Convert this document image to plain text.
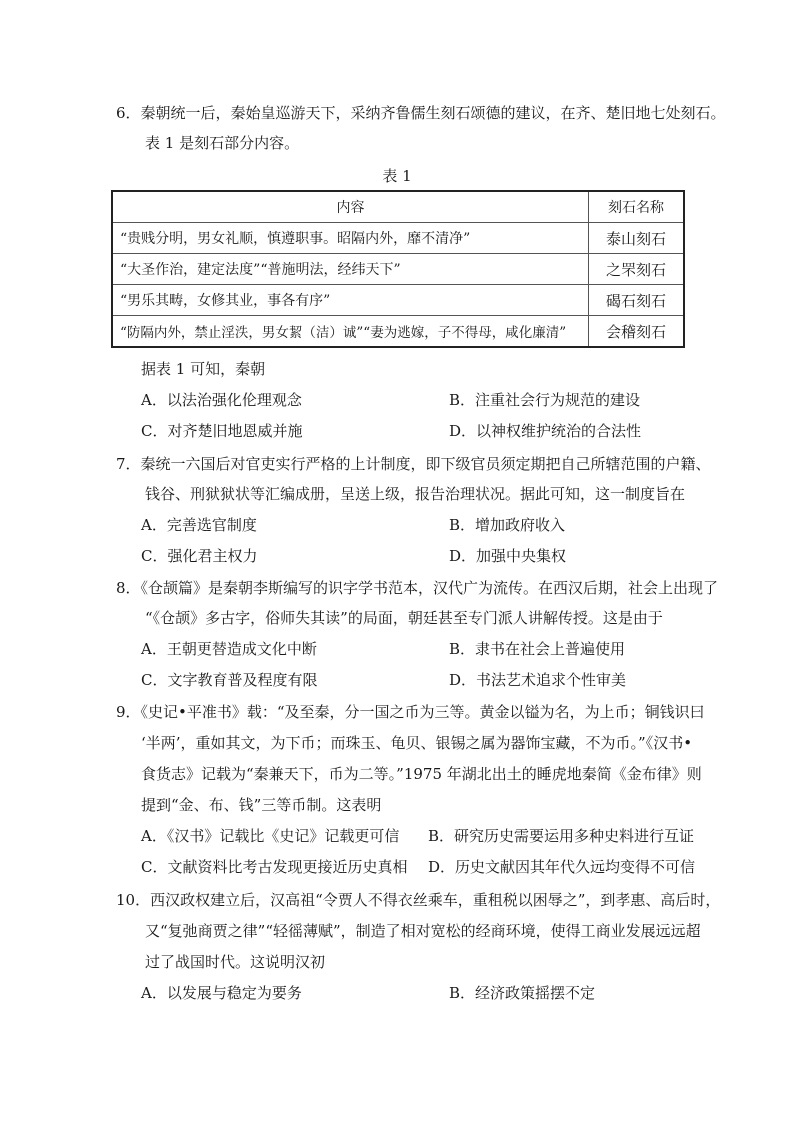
6．秦朝统一后，秦始皇巡游天下，采纳齐鲁儒生刻石颂德的建议，在齐、楚旧地七处刻石。
表 1 是刻石部分内容。
表 1
内容	刻石名称
“贵贱分明，男女礼顺，慎遵职事。昭隔内外，靡不清净”	泰山刻石
“大圣作治，建定法度”“普施明法，经纬天下”	之罘刻石
“男乐其畴，女修其业，事各有序”	碣石刻石
“防隔内外，禁止淫泆，男女絜（洁）诚”“妻为逃嫁，子不得母，咸化廉清”	会稽刻石
据表 1 可知，秦朝
A．以法治强化伦理观念	B．注重社会行为规范的建设
C．对齐楚旧地恩威并施	D．以神权维护统治的合法性
7．秦统一六国后对官吏实行严格的上计制度，即下级官员须定期把自己所辖范围的户籍、
钱谷、刑狱狱状等汇编成册，呈送上级，报告治理状况。据此可知，这一制度旨在
A．完善选官制度	B．增加政府收入
C．强化君主权力	D．加强中央集权
8．《仓颉篇》是秦朝李斯编写的识字学书范本，汉代广为流传。在西汉后期，社会上出现了
“《仓颉》多古字，俗师失其读”的局面，朝廷甚至专门派人讲解传授。这是由于
A．王朝更替造成文化中断	B．隶书在社会上普遍使用
C．文字教育普及程度有限	D．书法艺术追求个性审美
9．《史记•平准书》载：“及至秦，分一国之币为三等。黄金以镒为名，为上币；铜钱识曰
‘半两’，重如其文，为下币；而珠玉、龟贝、银锡之属为器饰宝藏，不为币。”《汉书•
食货志》记载为“秦兼天下，币为二等。”1975 年湖北出土的睡虎地秦简《金布律》则
提到“金、布、钱”三等币制。这表明
A．《汉书》记载比《史记》记载更可信 B．研究历史需要运用多种史料进行互证
C．文献资料比考古发现更接近历史真相 D．历史文献因其年代久远均变得不可信
10．西汉政权建立后，汉高祖“令贾人不得衣丝乘车，重租税以困辱之”，到孝惠、高后时，
又“复弛商贾之律”“轻徭薄赋”，制造了相对宽松的经商环境，使得工商业发展远远超
过了战国时代。这说明汉初
A．以发展与稳定为要务	B．经济政策摇摆不定
